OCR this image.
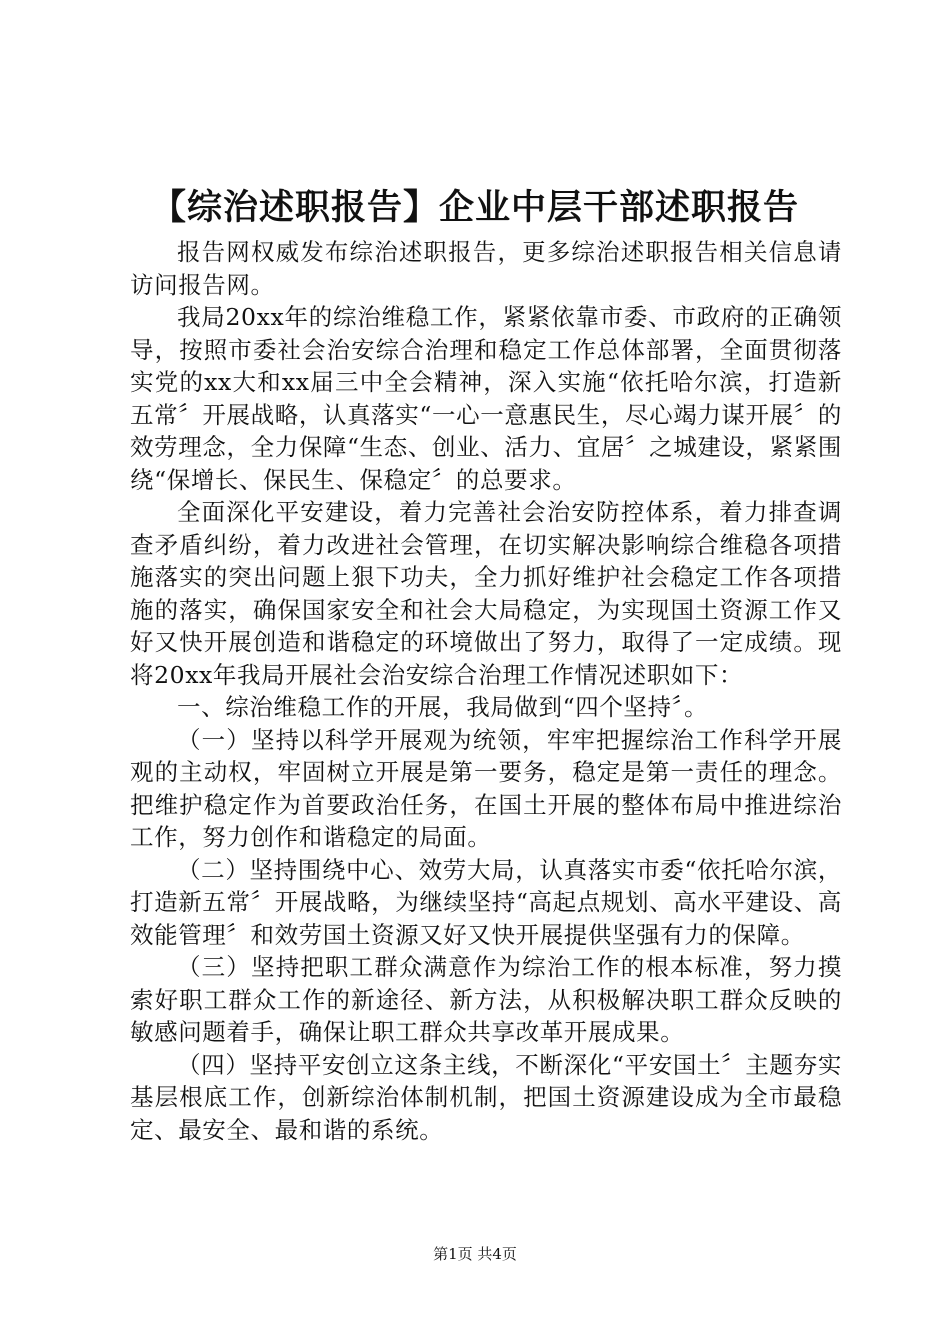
【综治述职报告】企业中层干部述职报告

报告网权威发布综治述职报告，更多综治述职报告相关信息请访问报告网。

我局20xx年的综治维稳工作，紧紧依靠市委、市政府的正确领导，按照市委社会治安综合治理和稳定工作总体部署，全面贯彻落实党的xx大和xx届三中全会精神，深入实施“依托哈尔滨，打造新五常〞开展战略，认真落实“一心一意惠民生，尽心竭力谋开展〞的效劳理念，全力保障“生态、创业、活力、宜居〞之城建设，紧紧围绕“保增长、保民生、保稳定〞的总要求。

全面深化平安建设，着力完善社会治安防控体系，着力排查调查矛盾纠纷，着力改进社会管理，在切实解决影响综合维稳各项措施落实的突出问题上狠下功夫，全力抓好维护社会稳定工作各项措施的落实，确保国家安全和社会大局稳定，为实现国土资源工作又好又快开展创造和谐稳定的环境做出了努力，取得了一定成绩。现将20xx年我局开展社会治安综合治理工作情况述职如下：

一、综治维稳工作的开展，我局做到“四个坚持〞。

（一）坚持以科学开展观为统领，牢牢把握综治工作科学开展观的主动权，牢固树立开展是第一要务，稳定是第一责任的理念。把维护稳定作为首要政治任务，在国土开展的整体布局中推进综治工作，努力创作和谐稳定的局面。

（二）坚持围绕中心、效劳大局，认真落实市委“依托哈尔滨，打造新五常〞开展战略，为继续坚持“高起点规划、高水平建设、高效能管理〞和效劳国土资源又好又快开展提供坚强有力的保障。

（三）坚持把职工群众满意作为综治工作的根本标准，努力摸索好职工群众工作的新途径、新方法，从积极解决职工群众反映的敏感问题着手，确保让职工群众共享改革开展成果。

（四）坚持平安创立这条主线，不断深化“平安国土〞主题夯实基层根底工作，创新综治体制机制，把国土资源建设成为全市最稳定、最安全、最和谐的系统。

第1页 共4页
